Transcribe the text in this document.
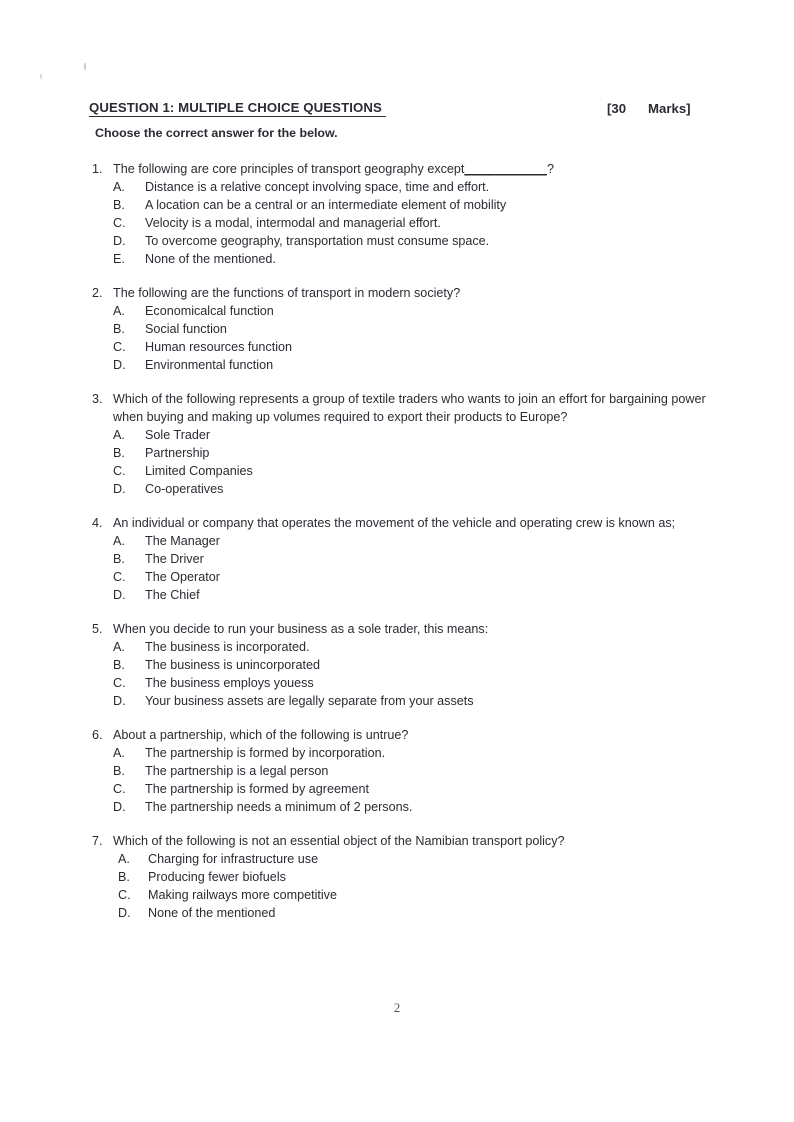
QUESTION 1: MULTIPLE CHOICE QUESTIONS	[30      Marks]
Choose the correct answer for the below.
1. The following are core principles of transport geography except___________?

A.

Distance is a relative concept involving space, time and effort.

B.

A location can be a central or an intermediate element of mobility

C.

Velocity is a modal, intermodal and managerial effort.

D.

To overcome geography, transportation must consume space.

E.

None of the mentioned.

2. The following are the functions of transport in modern society?

A.

Economicalcal function

B.

Social function

C.

Human resources function

D.

Environmental function

3. Which of the following represents a group of textile traders who wants to join an effort for bargaining power when buying and making up volumes required to export their products to Europe?

A.

Sole Trader

B.

Partnership

C.

Limited Companies

D.

Co-operatives

4. An individual or company that operates the movement of the vehicle and operating crew is known as;

A.

The Manager

B.

The Driver

C.

The Operator

D.

The Chief

5. When you decide to run your business as a sole trader, this means:

A.

The business is incorporated.

B.

The business is unincorporated

C.

The business employs youess

D.

Your business assets are legally separate from your assets

6. About a partnership, which of the following is untrue?

A.

The partnership is formed by incorporation.

B.

The partnership is a legal person

C.

The partnership is formed by agreement

D.

The partnership needs a minimum of 2 persons.

7. Which of the following is not an essential object of the Namibian transport policy?

A.

Charging for infrastructure use

B.

Producing fewer biofuels

C.

Making railways more competitive

D.

None of the mentioned

2
